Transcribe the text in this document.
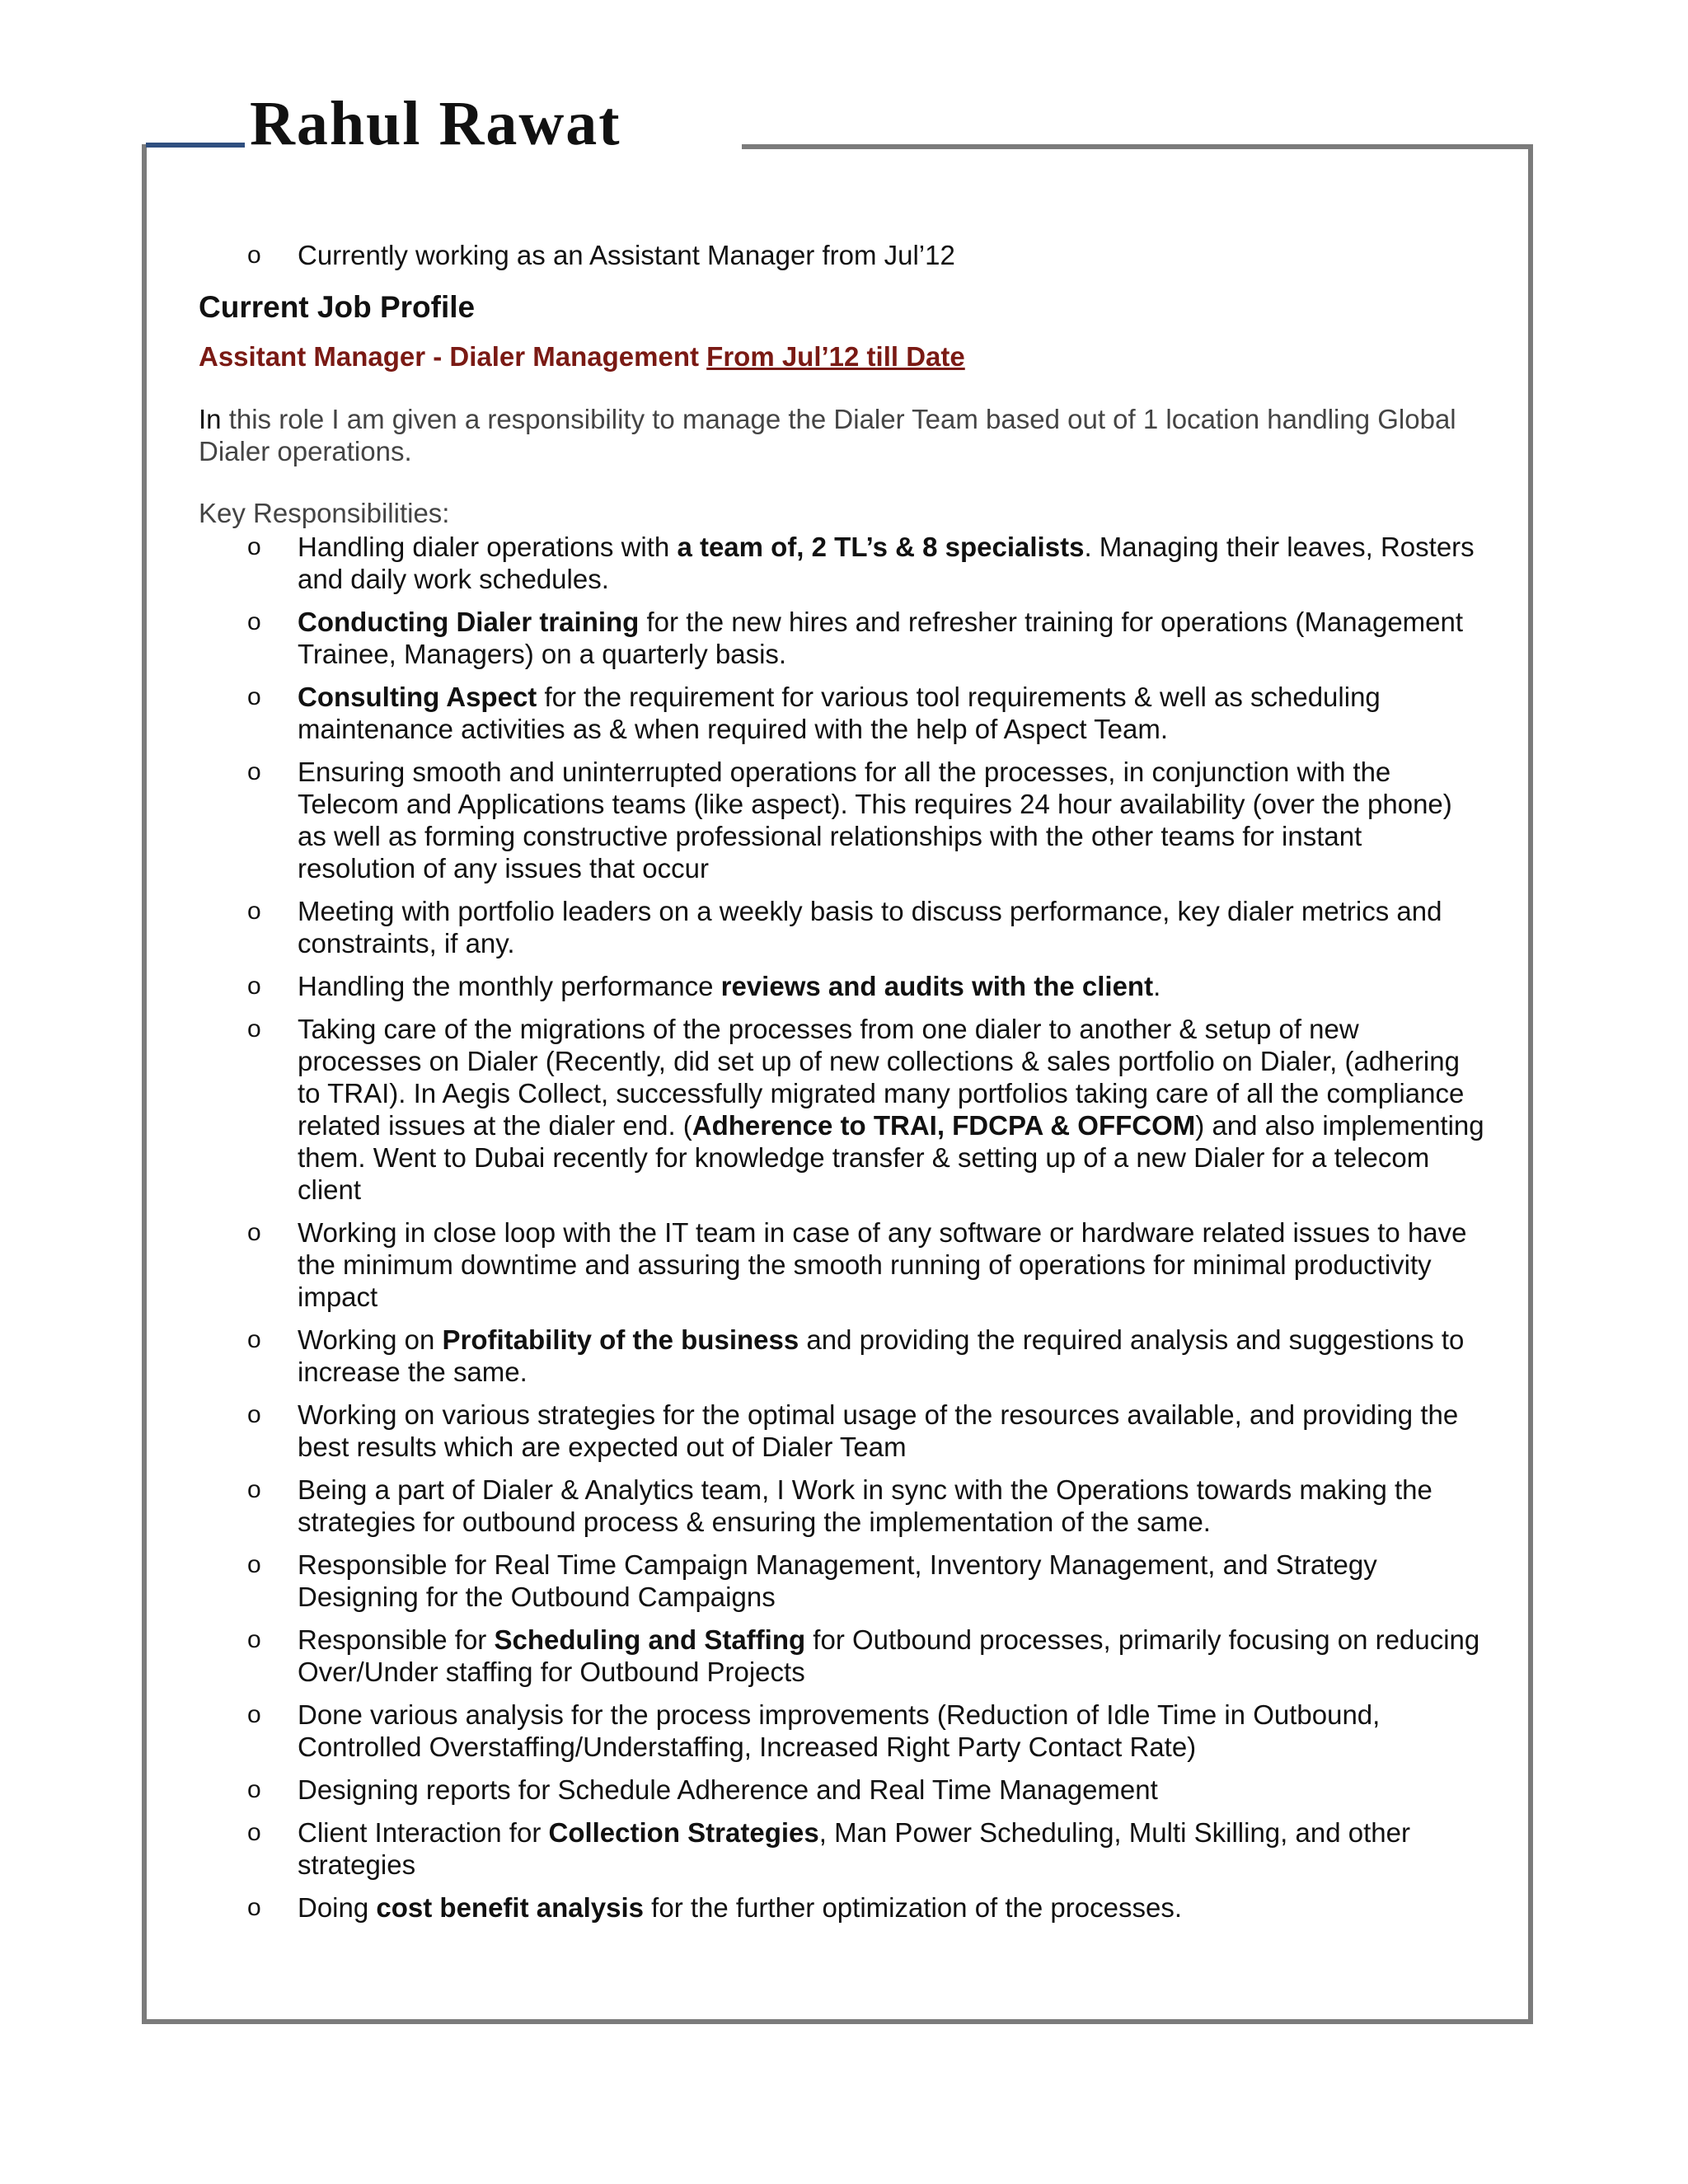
Rahul Rawat
o	Currently working as an Assistant Manager from Jul’12
Current Job Profile
Assitant Manager - Dialer Management From Jul’12 till Date
In this role I am given a responsibility to manage the Dialer Team based out of 1 location handling Global Dialer operations.
Key Responsibilities:
o	Handling dialer operations with a team of, 2 TL’s & 8 specialists. Managing their leaves, Rosters and daily work schedules.
o	Conducting Dialer training for the new hires and refresher training for operations (Management Trainee, Managers) on a quarterly basis.
o	Consulting Aspect for the requirement for various tool requirements & well as scheduling maintenance activities as & when required with the help of Aspect Team.
o	Ensuring smooth and uninterrupted operations for all the processes, in conjunction with the Telecom and Applications teams (like aspect). This requires 24 hour availability (over the phone) as well as forming constructive professional relationships with the other teams for instant resolution of any issues that occur
o	Meeting with portfolio leaders on a weekly basis to discuss performance, key dialer metrics and constraints, if any.
o	Handling the monthly performance reviews and audits with the client.
o	Taking care of the migrations of the processes from one dialer to another & setup of new processes on Dialer (Recently, did set up of new collections & sales portfolio on Dialer, (adhering to TRAI). In Aegis Collect, successfully migrated many portfolios taking care of all the compliance related issues at the dialer end. (Adherence to TRAI, FDCPA & OFFCOM) and also implementing them. Went to Dubai recently for knowledge transfer & setting up of a new Dialer for a telecom client
o	Working in close loop with the IT team in case of any software or hardware related issues to have the minimum downtime and assuring the smooth running of operations for minimal productivity impact
o	Working on Profitability of the business and providing the required analysis and suggestions to increase the same.
o	Working on various strategies for the optimal usage of the resources available, and providing the best results which are expected out of Dialer Team
o	Being a part of Dialer & Analytics team, I Work in sync with the Operations towards making the strategies for outbound process & ensuring the implementation of the same.
o	Responsible for Real Time Campaign Management, Inventory Management, and Strategy Designing for the Outbound Campaigns
o	Responsible for Scheduling and Staffing for Outbound processes, primarily focusing on reducing Over/Under staffing for Outbound Projects
o	Done various analysis for the process improvements (Reduction of Idle Time in Outbound, Controlled Overstaffing/Understaffing, Increased Right Party Contact Rate)
o	Designing reports for Schedule Adherence and Real Time Management
o	Client Interaction for Collection Strategies, Man Power Scheduling, Multi Skilling, and other strategies
o	Doing cost benefit analysis for the further optimization of the processes.
